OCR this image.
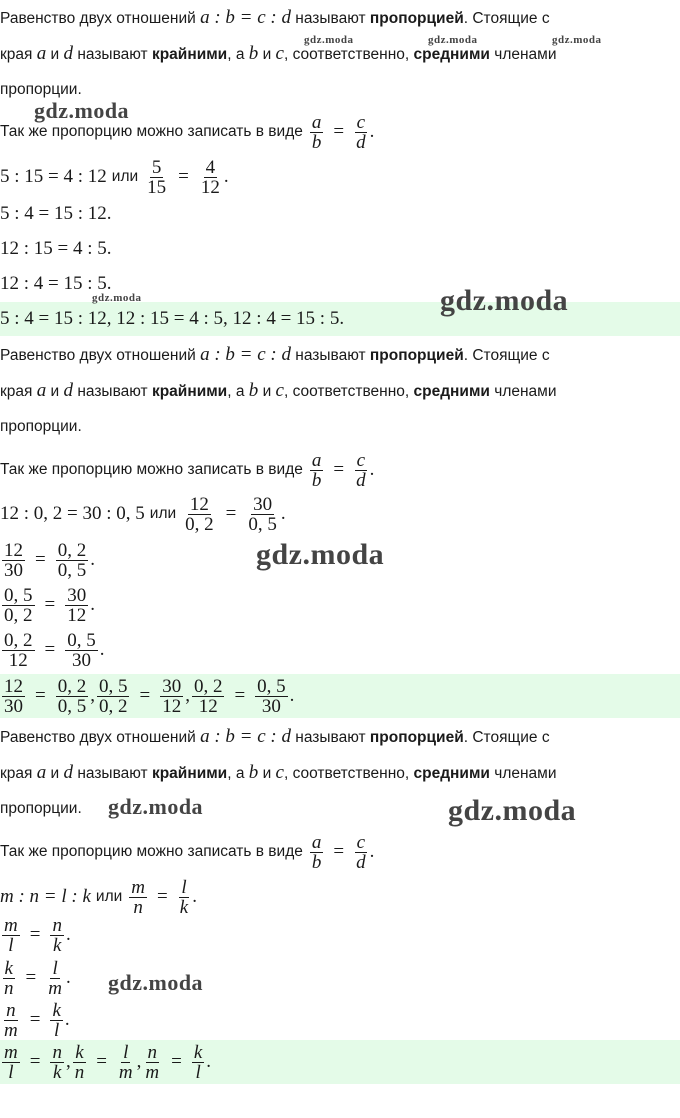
Равенство двух отношений a : b = c : d называют пропорцией. Стоящие с
края a и d называют крайними, а b и c, соответственно, средними членами
пропорции.
Так же пропорцию можно записать в виде $\frac{a}{b} = \frac{c}{d}$ .
5 : 15 = 4 : 12 или $\frac{5}{15} = \frac{4}{12}$ .
5 : 4 = 15 : 12.
12 : 15 = 4 : 5.
12 : 4 = 15 : 5.
5 : 4 = 15 : 12, 12 : 15 = 4 : 5, 12 : 4 = 15 : 5.
Равенство двух отношений a : b = c : d называют пропорцией. Стоящие с
края a и d называют крайними, а b и c, соответственно, средними членами
пропорции.
Так же пропорцию можно записать в виде $\frac{a}{b} = \frac{c}{d}$ .
12 : 0, 2 = 30 : 0, 5 или $\frac{12}{0, 2} = \frac{30}{0, 5}$ .
$\frac{12}{30} = \frac{0, 2}{0, 5}$ .
$\frac{0, 5}{0, 2} = \frac{30}{12}$ .
$\frac{0, 2}{12} = \frac{0, 5}{30}$ .
$\frac{12}{30} = \frac{0, 2}{0, 5}$ , $\frac{0, 5}{0, 2} = \frac{30}{12}$ , $\frac{0, 2}{12} = \frac{0, 5}{30}$ .
Равенство двух отношений a : b = c : d называют пропорцией. Стоящие с
края a и d называют крайними, а b и c, соответственно, средними членами
пропорции.
Так же пропорцию можно записать в виде $\frac{a}{b} = \frac{c}{d}$ .
m : n = l : k или $\frac{m}{n} = \frac{l}{k}$ .
$\frac{m}{l} = \frac{n}{k}$ .
$\frac{k}{n} = \frac{l}{m}$ .
$\frac{n}{m} = \frac{k}{l}$ .
$\frac{m}{l} = \frac{n}{k}$ , $\frac{k}{n} = \frac{l}{m}$ , $\frac{n}{m} = \frac{k}{l}$ .
gdz.moda	gdz.moda	gdz.moda
gdz.moda
gdz.moda	gdz.moda
gdz.moda
gdz.moda	gdz.moda
gdz.moda
